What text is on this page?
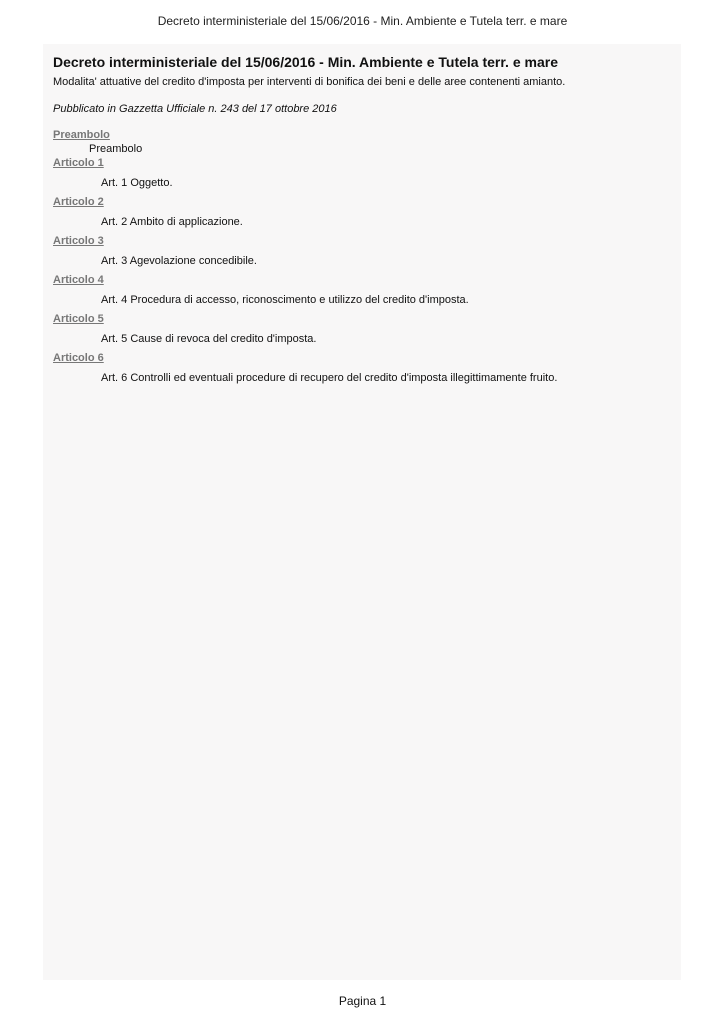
Decreto interministeriale del 15/06/2016 - Min. Ambiente e Tutela terr. e mare
Decreto interministeriale del 15/06/2016 - Min. Ambiente e Tutela terr. e mare
Modalita' attuative del credito d'imposta per interventi di bonifica dei beni e delle aree contenenti amianto.
Pubblicato in Gazzetta Ufficiale n. 243 del 17 ottobre 2016
Preambolo
Preambolo
Articolo 1
Art. 1 Oggetto.
Articolo 2
Art. 2 Ambito di applicazione.
Articolo 3
Art. 3 Agevolazione concedibile.
Articolo 4
Art. 4 Procedura di accesso, riconoscimento e utilizzo del credito d'imposta.
Articolo 5
Art. 5 Cause di revoca del credito d'imposta.
Articolo 6
Art. 6 Controlli ed eventuali procedure di recupero del credito d'imposta illegittimamente fruito.
Pagina 1
